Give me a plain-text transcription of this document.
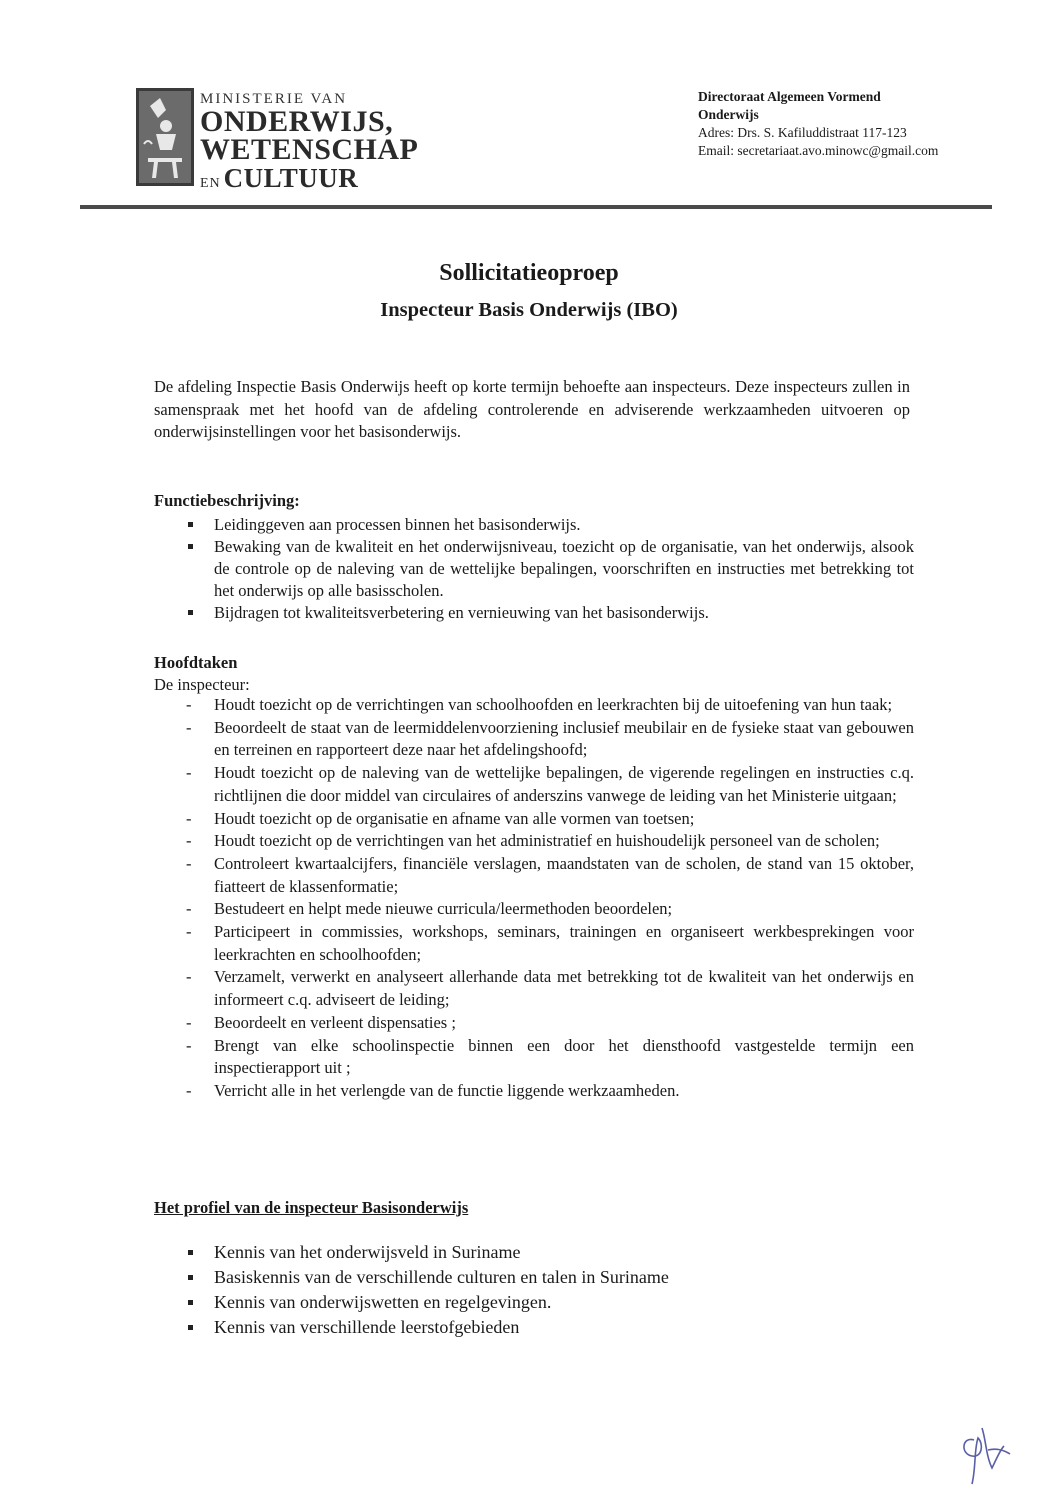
MINISTERIE VAN
ONDERWIJS,
WETENSCHAP
EN CULTUUR
Directoraat Algemeen Vormend
Onderwijs
Adres: Drs. S. Kafiluddistraat 117-123
Email: secretariaat.avo.minowc@gmail.com
Sollicitatieoproep
Inspecteur Basis Onderwijs (IBO)
De afdeling Inspectie Basis Onderwijs heeft op korte termijn behoefte aan inspecteurs. Deze inspecteurs zullen in samenspraak met het hoofd van de afdeling controlerende en adviserende werkzaamheden uitvoeren op onderwijsinstellingen voor het basisonderwijs.
Functiebeschrijving:
Leidinggeven aan processen binnen het basisonderwijs.
Bewaking van de kwaliteit en het onderwijsniveau, toezicht op de organisatie, van het onderwijs, alsook de controle op de naleving van de wettelijke bepalingen, voorschriften en instructies met betrekking tot het onderwijs op alle basisscholen.
Bijdragen tot kwaliteitsverbetering en vernieuwing van het basisonderwijs.
Hoofdtaken
De inspecteur:
- Houdt toezicht op de verrichtingen van schoolhoofden en leerkrachten bij de uitoefening van hun taak;
- Beoordeelt de staat van de leermiddelenvoorziening inclusief meubilair en de fysieke staat van gebouwen en terreinen en rapporteert deze naar het afdelingshoofd;
- Houdt toezicht op de naleving van de wettelijke bepalingen, de vigerende regelingen en instructies c.q. richtlijnen die door middel van circulaires of anderszins vanwege de leiding van het Ministerie uitgaan;
- Houdt toezicht op de organisatie en afname van alle vormen van toetsen;
- Houdt toezicht op de verrichtingen van het administratief en huishoudelijk personeel van de scholen;
- Controleert kwartaalcijfers, financiële verslagen, maandstaten van de scholen, de stand van 15 oktober, fiatteert de klassenformatie;
- Bestudeert en helpt mede nieuwe curricula/leermethoden beoordelen;
- Participeert in commissies, workshops, seminars, trainingen en organiseert werkbesprekingen voor leerkrachten en schoolhoofden;
- Verzamelt, verwerkt en analyseert allerhande data met betrekking tot de kwaliteit van het onderwijs en informeert c.q. adviseert de leiding;
- Beoordeelt en verleent dispensaties ;
- Brengt van elke schoolinspectie binnen een door het diensthoofd vastgestelde termijn een inspectierapport uit ;
- Verricht alle in het verlengde van de functie liggende werkzaamheden.
Het profiel van de inspecteur Basisonderwijs
Kennis van het onderwijsveld in Suriname
Basiskennis van de verschillende culturen en talen in Suriname
Kennis van onderwijswetten en regelgevingen.
Kennis van verschillende leerstofgebieden
